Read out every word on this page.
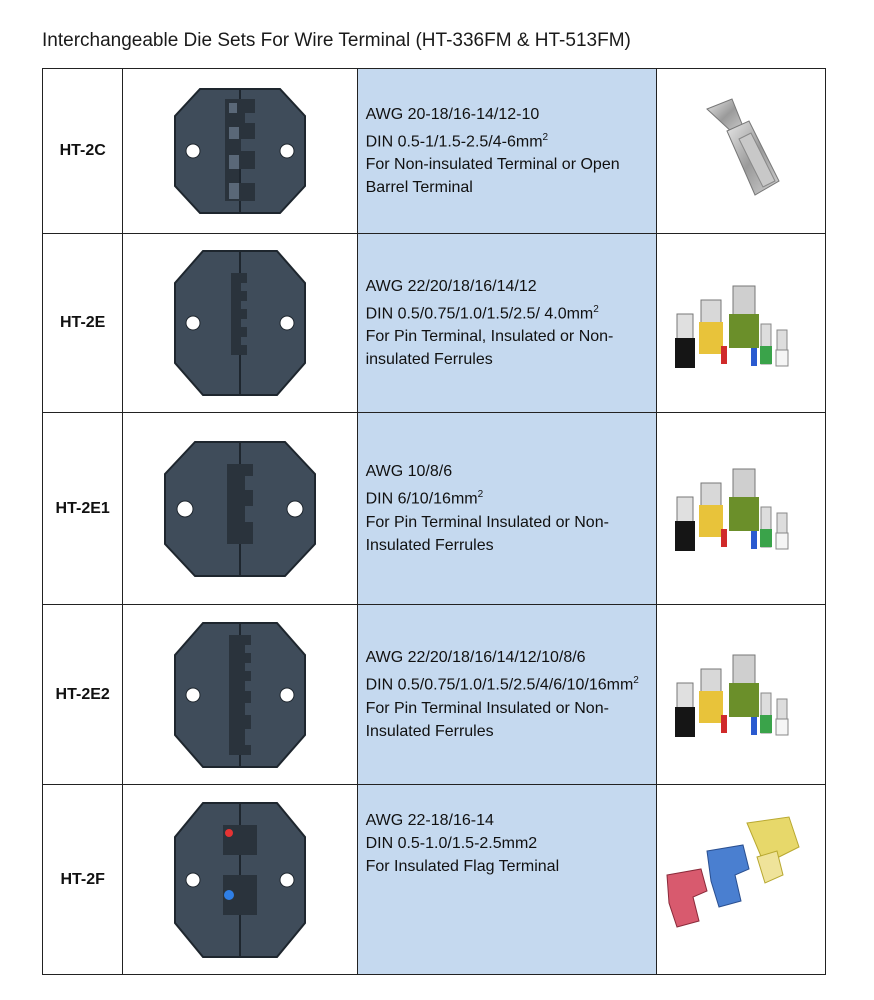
Interchangeable Die Sets For Wire Terminal (HT-336FM & HT-513FM)
HT-2C		AWG 20-18/16-14/12-10
DIN $0.5-1/1.5-2.5/4-6mm^2$
For Non-insulated Terminal or Open Barrel Terminal

HT-2E		AWG 22/20/18/16/14/12
DIN 0.5/0.75/1.0/1.5/2.5/ $4.0mm^2$
For Pin Terminal, Insulated or Non-insulated Ferrules

HT-2E1		AWG 10/8/6
DIN $6/10/16mm^2$
For Pin Terminal Insulated or Non-Insulated Ferrules

HT-2E2		AWG 22/20/18/16/14/12/10/8/6
DIN $0.5/0.75/1.0/1.5/2.5/4/6/10/16mm^2$
For Pin Terminal Insulated or Non-Insulated Ferrules

HT-2F		AWG 22-18/16-14
DIN 0.5-1.0/1.5-2.5mm2
For Insulated Flag Terminal
